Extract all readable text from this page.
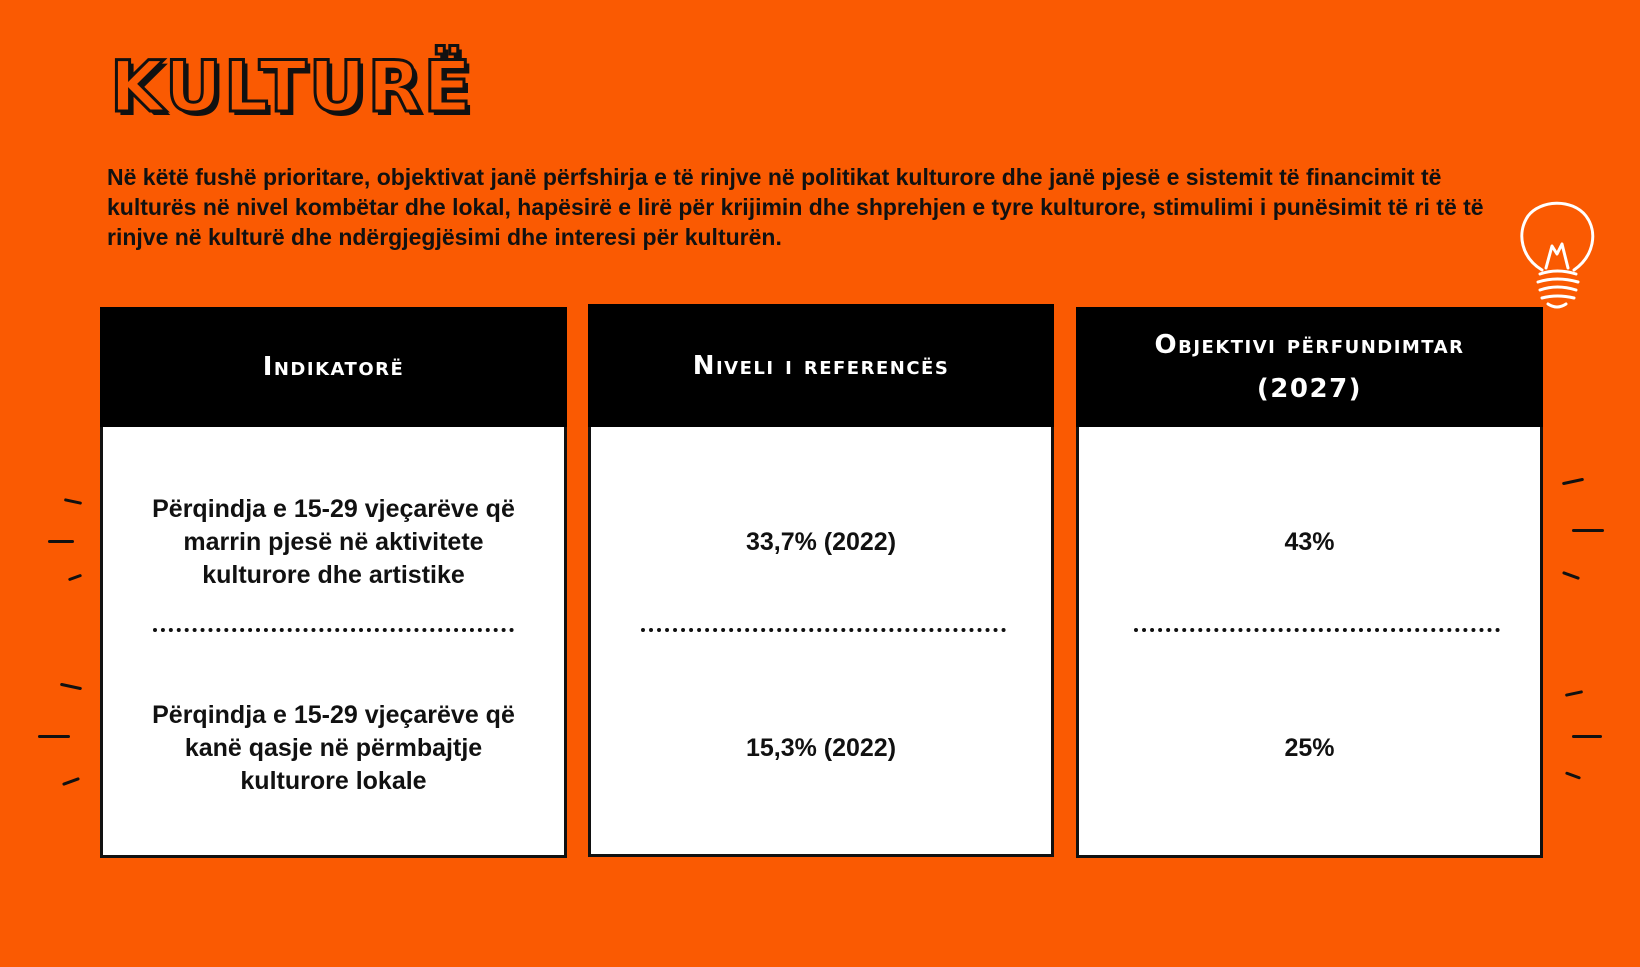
KULTURË

Në këtë fushë prioritare, objektivat janë përfshirja e të rinjve në politikat kulturore dhe janë pjesë e sistemit të financimit të kulturës në nivel kombëtar dhe lokal, hapësirë e lirë për krijimin dhe shprehjen e tyre kulturore, stimulimi i punësimit të ri të të rinjve në kulturë dhe ndërgjegjësimi dhe interesi për kulturën.

Indikatorë
Përqindja e 15-29 vjeçarëve që marrin pjesë në aktivitete kulturore dhe artistike
Përqindja e 15-29 vjeçarëve që kanë qasje në përmbajtje kulturore lokale
Niveli i referencës
33,7% (2022)
15,3% (2022)
Objektivi përfundimtar
(2027)
43%
25%
